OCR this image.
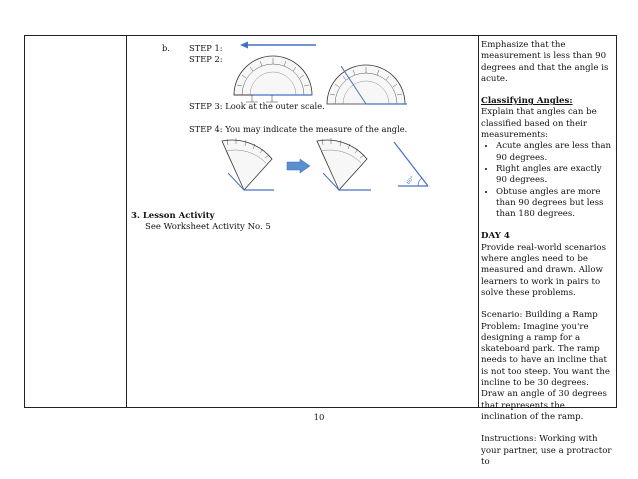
b. STEP 1:
STEP 2:
STEP 3: Look at the outer scale.
STEP 4: You may indicate the measure of the angle.
60°
3. Lesson Activity
See Worksheet Activity No. 5

Emphasize that the measurement is less than 90 degrees and that the angle is acute.

Classifying Angles:

Explain that angles can be classified based on their measurements:

• Acute angles are less than 90 degrees.
• Right angles are exactly 90 degrees.
• Obtuse angles are more than 90 degrees but less than 180 degrees.

DAY 4

Provide real-world scenarios where angles need to be measured and drawn. Allow learners to work in pairs to solve these problems.

Scenario: Building a Ramp Problem: Imagine you're designing a ramp for a skateboard park. The ramp needs to have an incline that is not too steep. You want the incline to be 30 degrees. Draw an angle of 30 degrees that represents the inclination of the ramp.

Instructions: Working with your partner, use a protractor to

10
